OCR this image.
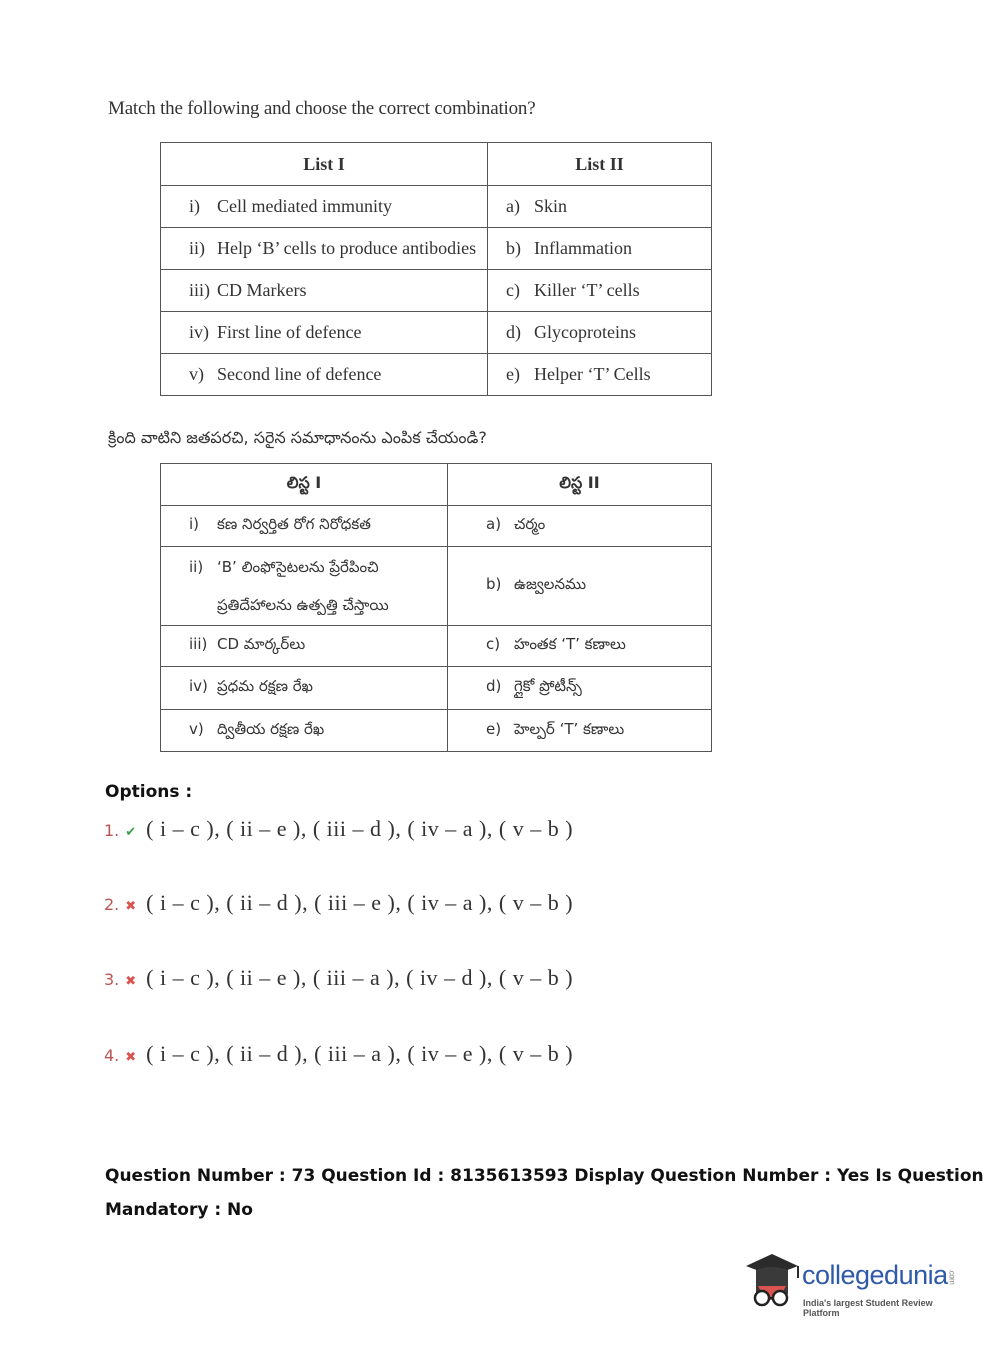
Match the following and choose the correct combination?
List I	List II
i) Cell mediated immunity	a) Skin
ii) Help ‘B’ cells to produce antibodies	b) Inflammation
iii) CD Markers	c) Killer ‘T’ cells
iv) First line of defence	d) Glycoproteins
v) Second line of defence	e) Helper ‘T’ Cells
క్రింది వాటిని జతపరచి, సరైన సమాధానంను ఎంపిక చేయండి?
లిస్ట I	లిస్ట II
i) కణ నిర్వర్తిత రోగ నిరోధకత	a) చర్మం
ii) ‘B’ లింఫోసైటలను ప్రేరేపించి
ప్రతిదేహాలను ఉత్పత్తి చేస్తాయి	b) ఉజ్వలనము
iii) CD మార్కర్‌లు	c) హంతక ‘T’ కణాలు
iv) ప్రధమ రక్షణ రేఖ	d) గ్లైకో ప్రోటీన్స్
v) ద్వితీయ రక్షణ రేఖ	e) హెల్పర్ ‘T’ కణాలు
Options :
1. ✔ ( i – c ), ( ii – e ), ( iii – d ), ( iv – a ), ( v – b )
2. ✖ ( i – c ), ( ii – d ), ( iii – e ), ( iv – a ), ( v – b )
3. ✖ ( i – c ), ( ii – e ), ( iii – a ), ( iv – d ), ( v – b )
4. ✖ ( i – c ), ( ii – d ), ( iii – a ), ( iv – e ), ( v – b )
Question Number : 73 Question Id : 8135613593 Display Question Number : Yes Is Question
Mandatory : No
collegedunia.com
India's largest Student Review Platform
